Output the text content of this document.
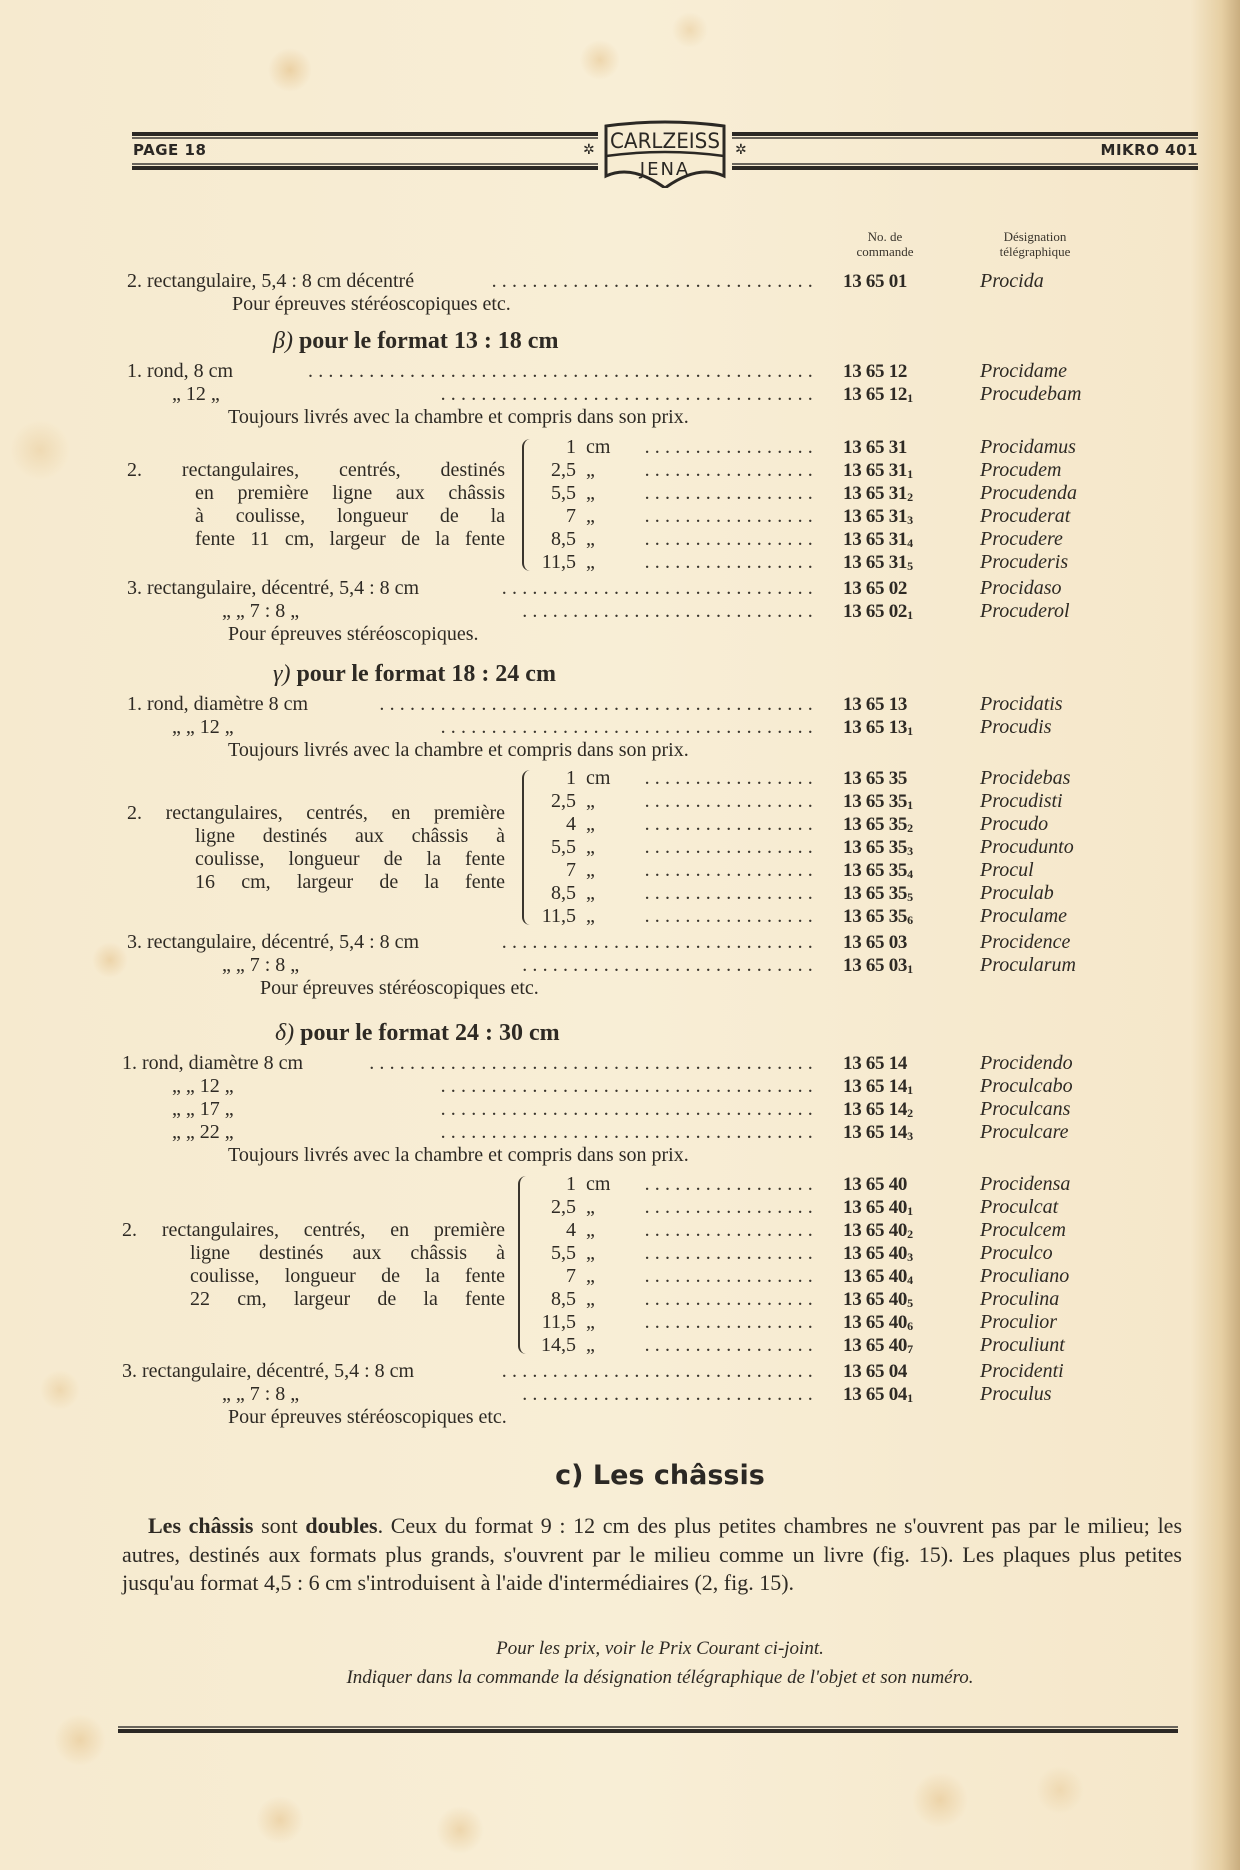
PAGE 18	MIKRO 401
✲	✲
CARLZEISS
JENA
No. de
commande
Désignation
télégraphique
2. rectangulaire, 5,4 : 8 cm décentré	................................ 13 65 01	Procida
Pour épreuves stéréoscopiques etc.
β) pour le format 13 : 18 cm
1. rond, 8 cm	.................................................. 13 65 12	Procidame
„ 12 „	..................................... 13 65 $12_1$	Procudebam
Toujours livrés avec la chambre et compris dans son prix.
2. rectangulaires, centrés, destinés
en première ligne aux châssis
à coulisse, longueur de la
fente 11 cm, largeur de la fente
1 cm ................. 13 65 31	Procidamus
2,5 „ ................. 13 65 $31_1$	Procudem
5,5 „ ................. 13 65 $31_2$	Procudenda
7 „ ................. 13 65 $31_3$	Procuderat
8,5 „ ................. 13 65 $31_4$	Procudere
11,5 „ ................. 13 65 $31_5$	Procuderis
3. rectangulaire, décentré, 5,4 : 8 cm	............................... 13 65 02	Procidaso
„ „ 7 : 8 „	............................. 13 65 $02_1$	Procuderol
Pour épreuves stéréoscopiques.
γ) pour le format 18 : 24 cm
1. rond, diamètre 8 cm	........................................... 13 65 13	Procidatis
„ „ 12 „	..................................... 13 65 $13_1$	Procudis
Toujours livrés avec la chambre et compris dans son prix.
2. rectangulaires, centrés, en première
ligne destinés aux châssis à
coulisse, longueur de la fente
16 cm, largeur de la fente
1 cm ................. 13 65 35	Procidebas
2,5 „ ................. 13 65 $35_1$	Procudisti
4 „ ................. 13 65 $35_2$	Procudo
5,5 „ ................. 13 65 $35_3$	Procudunto
7 „ ................. 13 65 $35_4$	Procul
8,5 „ ................. 13 65 $35_5$	Proculab
11,5 „ ................. 13 65 $35_6$	Proculame
3. rectangulaire, décentré, 5,4 : 8 cm	............................... 13 65 03	Procidence
„ „ 7 : 8 „	............................. 13 65 $03_1$	Procularum
Pour épreuves stéréoscopiques etc.
δ) pour le format 24 : 30 cm
1. rond, diamètre 8 cm	............................................ 13 65 14	Procidendo
„ „ 12 „	..................................... 13 65 $14_1$	Proculcabo
„ „ 17 „	..................................... 13 65 $14_2$	Proculcans
„ „ 22 „	..................................... 13 65 $14_3$	Proculcare
Toujours livrés avec la chambre et compris dans son prix.
2. rectangulaires, centrés, en première
ligne destinés aux châssis à
coulisse, longueur de la fente
22 cm, largeur de la fente
1 cm ................. 13 65 40	Procidensa
2,5 „ ................. 13 65 $40_1$	Proculcat
4 „ ................. 13 65 $40_2$	Proculcem
5,5 „ ................. 13 65 $40_3$	Proculco
7 „ ................. 13 65 $40_4$	Proculiano
8,5 „ ................. 13 65 $40_5$	Proculina
11,5 „ ................. 13 65 $40_6$	Proculior
14,5 „ ................. 13 65 $40_7$	Proculiunt
3. rectangulaire, décentré, 5,4 : 8 cm	............................... 13 65 04	Procidenti
„ „ 7 : 8 „	............................. 13 65 $04_1$	Proculus
Pour épreuves stéréoscopiques etc.
c) Les châssis
Les châssis sont doubles. Ceux du format 9 : 12 cm des plus petites chambres ne s'ouvrent pas par le milieu; les autres, destinés aux formats plus grands, s'ouvrent par le milieu comme un livre (fig. 15). Les plaques plus petites jusqu'au format 4,5 : 6 cm s'introduisent à l'aide d'intermédiaires (2, fig. 15).
Pour les prix, voir le Prix Courant ci-joint.
Indiquer dans la commande la désignation télégraphique de l'objet et son numéro.
